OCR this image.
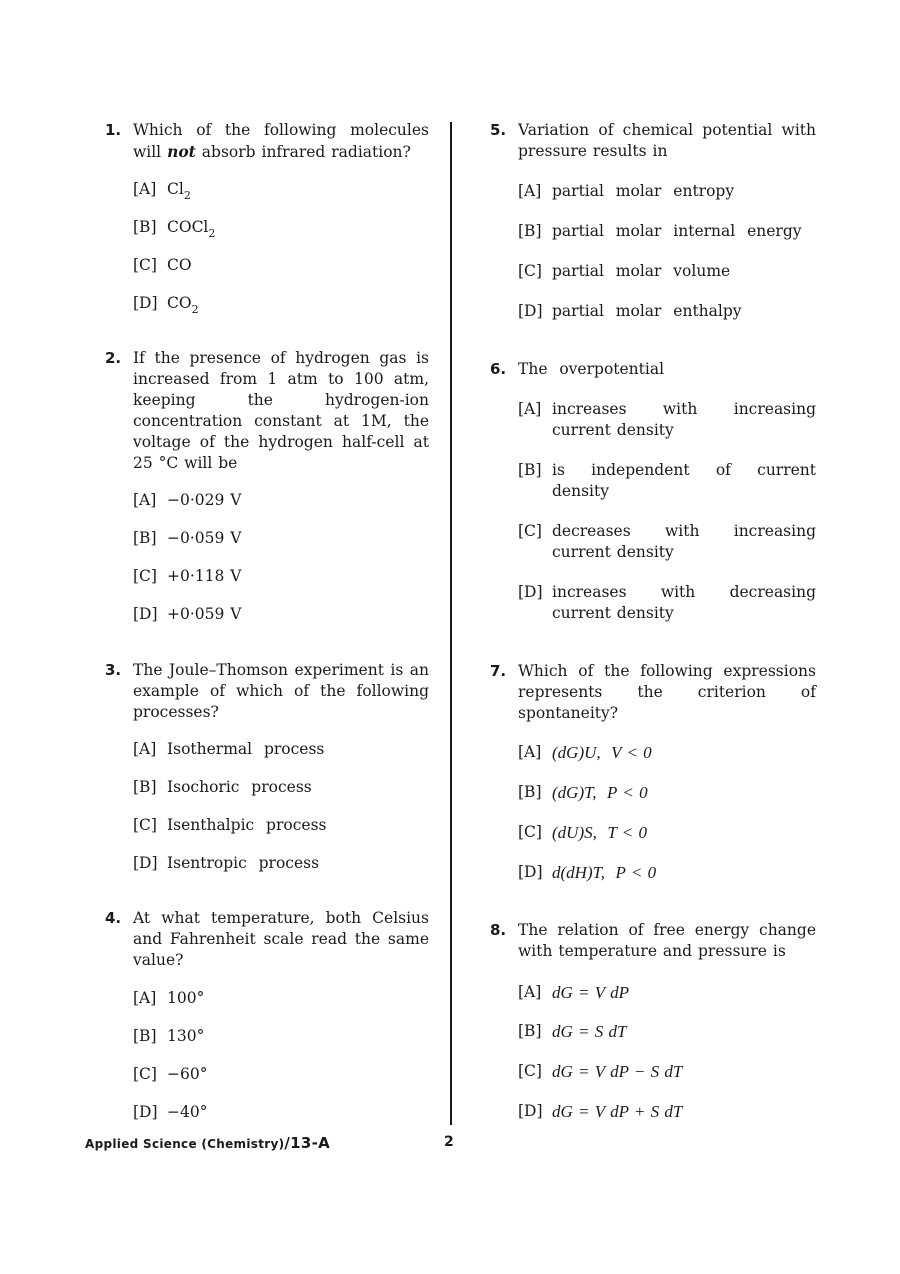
1. Which of the following molecules will not absorb infrared radiation?
[A] $Cl_2$
[B] COCl$_2$
[C] CO
[D] $CO_2$
2. If the presence of hydrogen gas is increased from 1 atm to 100 atm, keeping the hydrogen-ion concentration constant at 1M, the voltage of the hydrogen half-cell at 25 °C will be
[A] −0·029 V
[B] −0·059 V
[C] +0·118 V
[D] +0·059 V
3. The Joule–Thomson experiment is an example of which of the following processes?
[A] Isothermal  process
[B] Isochoric  process
[C] Isenthalpic  process
[D] Isentropic  process
4. At what temperature, both Celsius and Fahrenheit scale read the same value?
[A] 100°
[B] 130°
[C] −60°
[D] −40°
5. Variation of chemical potential with pressure results in
[A] partial  molar  entropy
[B] partial  molar  internal  energy
[C] partial  molar  volume
[D] partial  molar  enthalpy
6. The  overpotential
[A] increases with increasing current density
[B] is independent of current density
[C] decreases with increasing current density
[D] increases with decreasing current density
7. Which of the following expressions represents the criterion of spontaneity?
[A] (dG)U,  V < 0
[B] (dG)T,  P < 0
[C] (dU)S,  T < 0
[D] d(dH)T,  P < 0
8. The relation of free energy change with temperature and pressure is
[A] dG = V dP
[B] dG = S dT
[C] dG = V dP − S dT
[D] dG = V dP + S dT
Applied Science (Chemistry)/13-A	2
